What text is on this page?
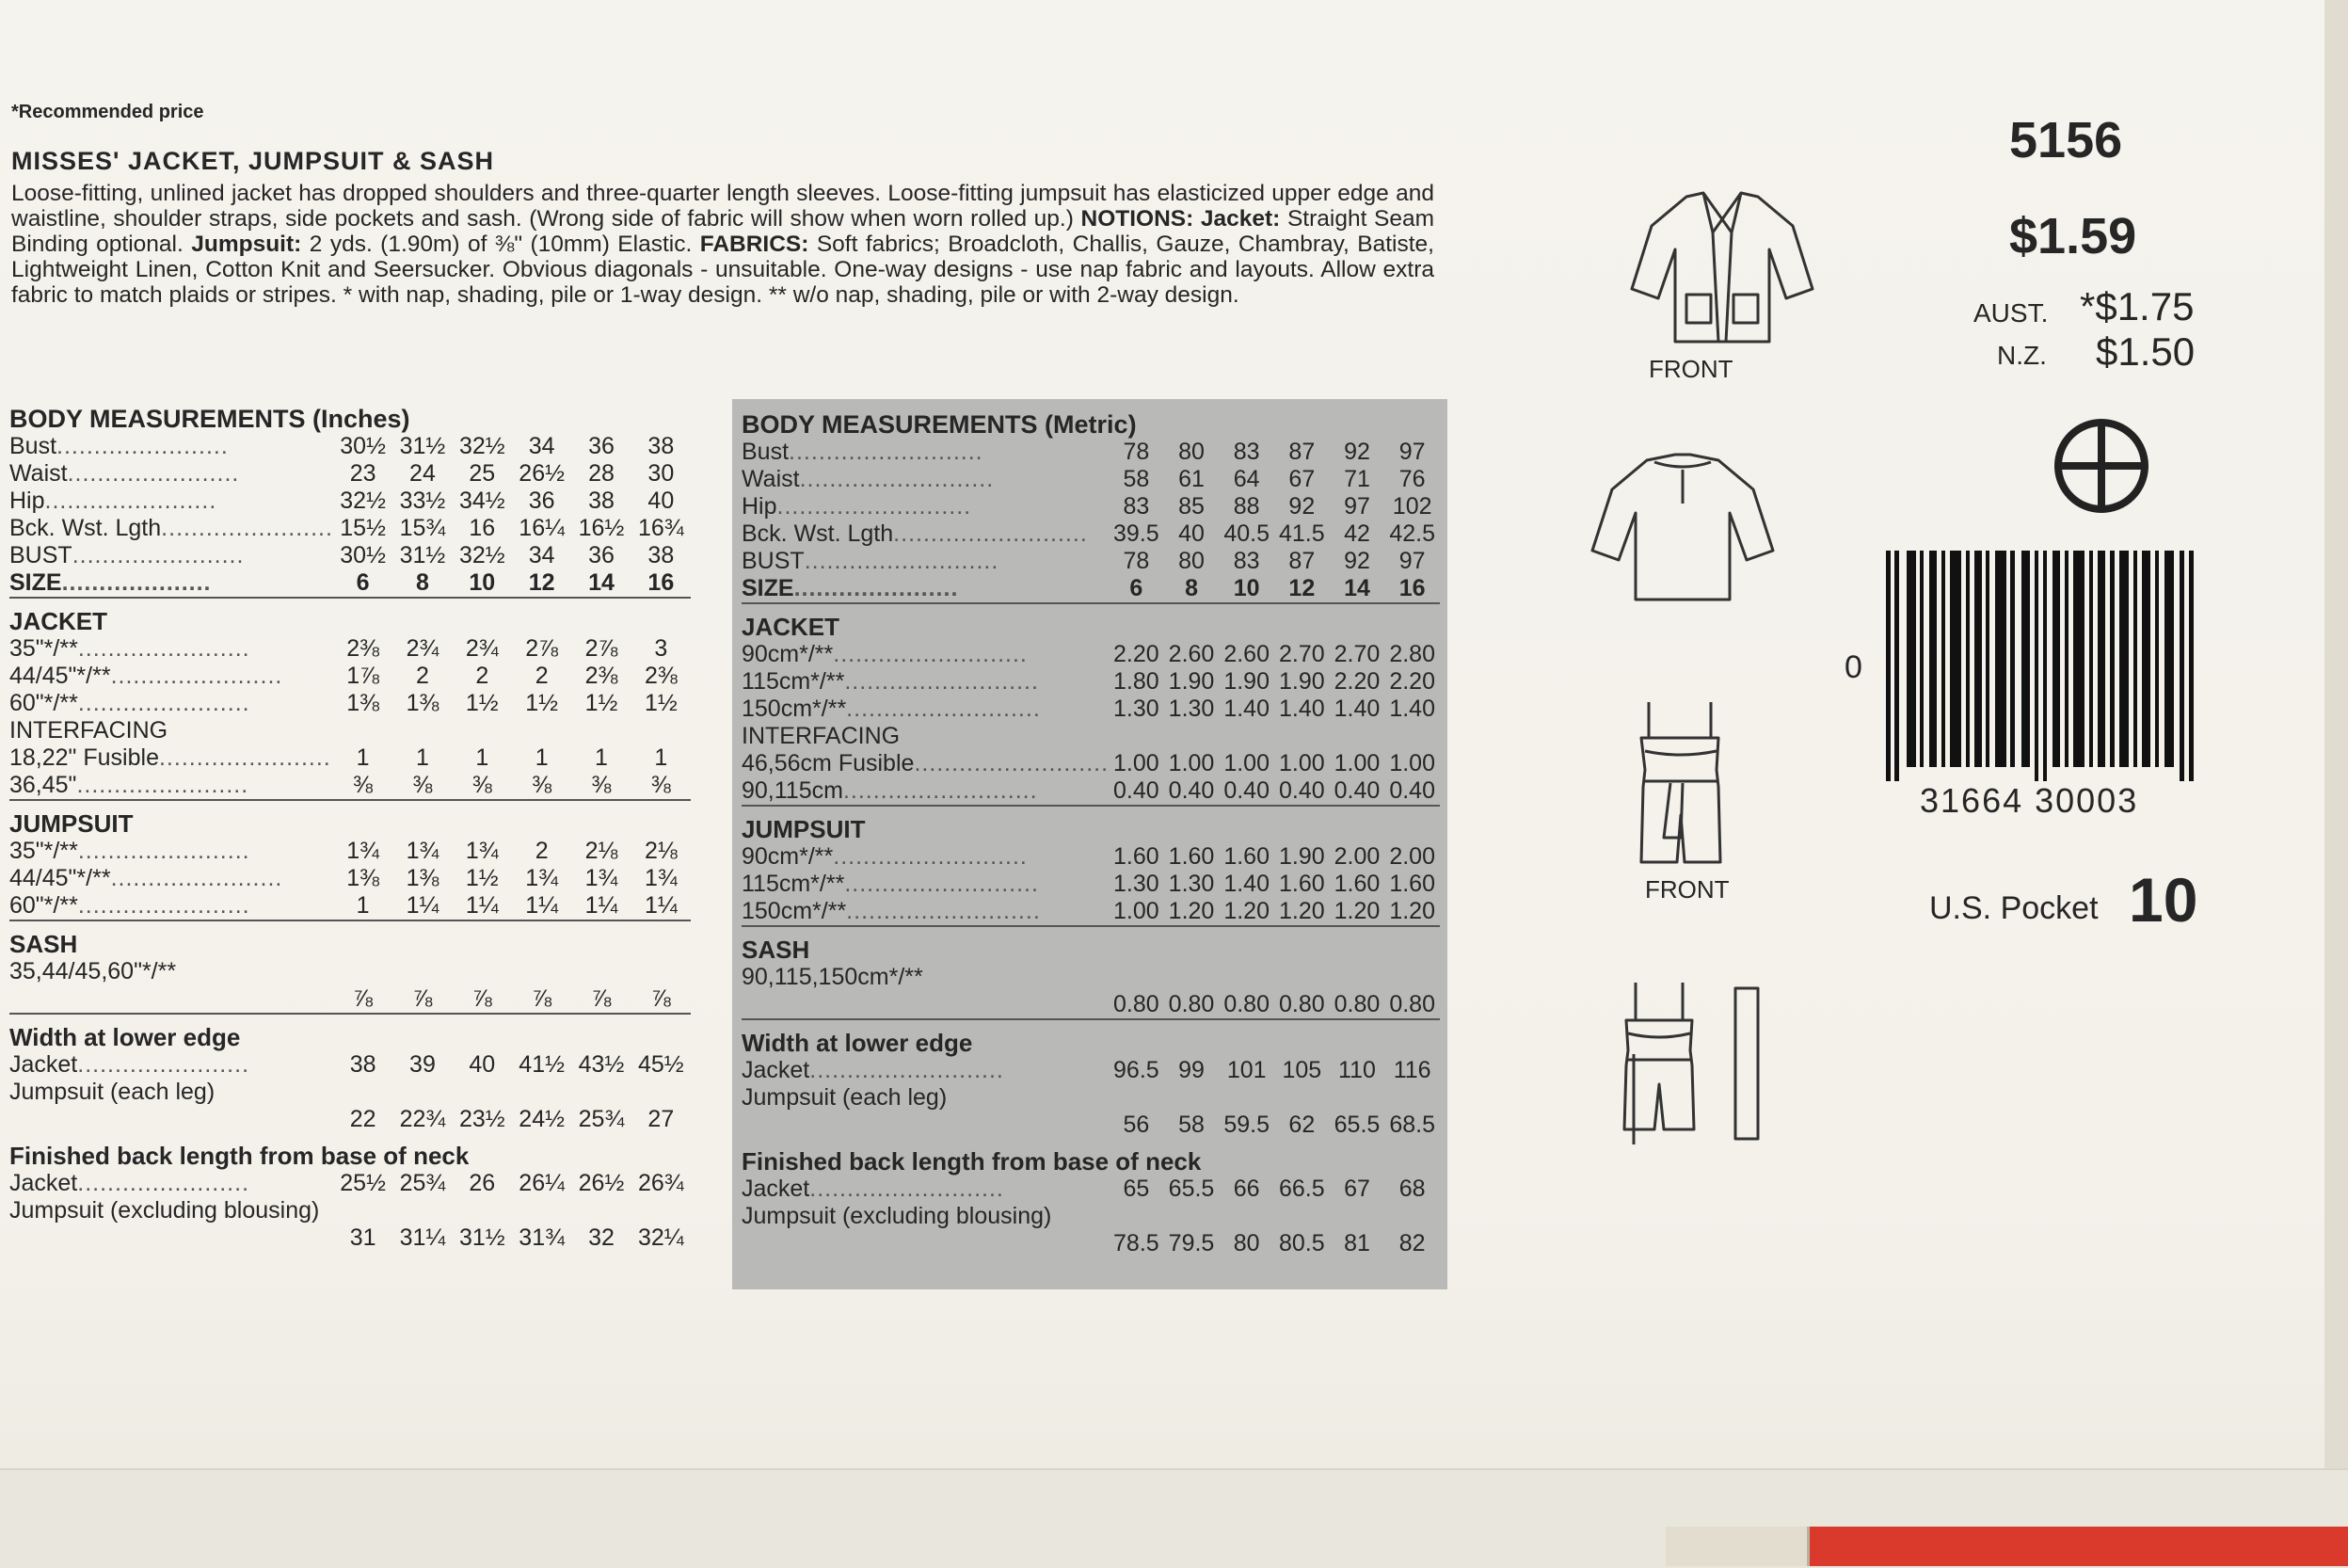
*Recommended price
MISSES' JACKET, JUMPSUIT & SASH
Loose-fitting, unlined jacket has dropped shoulders and three-quarter length sleeves. Loose-fitting jumpsuit has elasticized upper edge and waistline, shoulder straps, side pockets and sash. (Wrong side of fabric will show when worn rolled up.) NOTIONS: Jacket: Straight Seam Binding optional. Jumpsuit: 2 yds. (1.90m) of ⅜" (10mm) Elastic. FABRICS: Soft fabrics; Broadcloth, Challis, Gauze, Chambray, Batiste, Lightweight Linen, Cotton Knit and Seersucker. Obvious diagonals - unsuitable. One-way designs - use nap fabric and layouts. Allow extra fabric to match plaids or stripes. * with nap, shading, pile or 1-way design. ** w/o nap, shading, pile or with 2-way design.
BODY MEASUREMENTS (Inches)						
Bust.......................	30½	31½	32½	34	36	38
Waist.......................	23	24	25	26½	28	30
Hip.......................	32½	33½	34½	36	38	40
Bck. Wst. Lgth.......................	15½	15¾	16	16¼	16½	16¾
BUST.......................	30½	31½	32½	34	36	38
SIZE....................	6	8	10	12	14	16
JACKET						
35"*/**.......................	2⅜	2¾	2¾	2⅞	2⅞	3
44/45"*/**.......................	1⅞	2	2	2	2⅜	2⅜
60"*/**.......................	1⅜	1⅜	1½	1½	1½	1½
INTERFACING						
18,22" Fusible.......................	1	1	1	1	1	1
36,45".......................	⅜	⅜	⅜	⅜	⅜	⅜
JUMPSUIT						
35"*/**.......................	1¾	1¾	1¾	2	2⅛	2⅛
44/45"*/**.......................	1⅜	1⅜	1½	1¾	1¾	1¾
60"*/**.......................	1	1¼	1¼	1¼	1¼	1¼
SASH						
35,44/45,60"*/**						
	⅞	⅞	⅞	⅞	⅞	⅞
Width at lower edge						
Jacket.......................	38	39	40	41½	43½	45½
Jumpsuit (each leg)						
	22	22¾	23½	24½	25¾	27
Finished back length from base of neck						
Jacket.......................	25½	25¾	26	26¼	26½	26¾
Jumpsuit (excluding blousing)						
	31	31¼	31½	31¾	32	32¼
BODY MEASUREMENTS (Metric)						
Bust..........................	78	80	83	87	92	97
Waist..........................	58	61	64	67	71	76
Hip..........................	83	85	88	92	97	102
Bck. Wst. Lgth..........................	39.5	40	40.5	41.5	42	42.5
BUST..........................	78	80	83	87	92	97
SIZE......................	6	8	10	12	14	16
JACKET						
90cm*/**..........................	2.20	2.60	2.60	2.70	2.70	2.80
115cm*/**..........................	1.80	1.90	1.90	1.90	2.20	2.20
150cm*/**..........................	1.30	1.30	1.40	1.40	1.40	1.40
INTERFACING						
46,56cm Fusible..........................	1.00	1.00	1.00	1.00	1.00	1.00
90,115cm..........................	0.40	0.40	0.40	0.40	0.40	0.40
JUMPSUIT						
90cm*/**..........................	1.60	1.60	1.60	1.90	2.00	2.00
115cm*/**..........................	1.30	1.30	1.40	1.60	1.60	1.60
150cm*/**..........................	1.00	1.20	1.20	1.20	1.20	1.20
SASH						
90,115,150cm*/**						
	0.80	0.80	0.80	0.80	0.80	0.80
Width at lower edge						
Jacket..........................	96.5	99	101	105	110	116
Jumpsuit (each leg)						
	56	58	59.5	62	65.5	68.5
Finished back length from base of neck						
Jacket..........................	65	65.5	66	66.5	67	68
Jumpsuit (excluding blousing)						
	78.5	79.5	80	80.5	81	82
FRONT
FRONT
5156
$1.59
AUST. *$1.75
N.Z. $1.50
0
31664 30003
U.S. Pocket 10
